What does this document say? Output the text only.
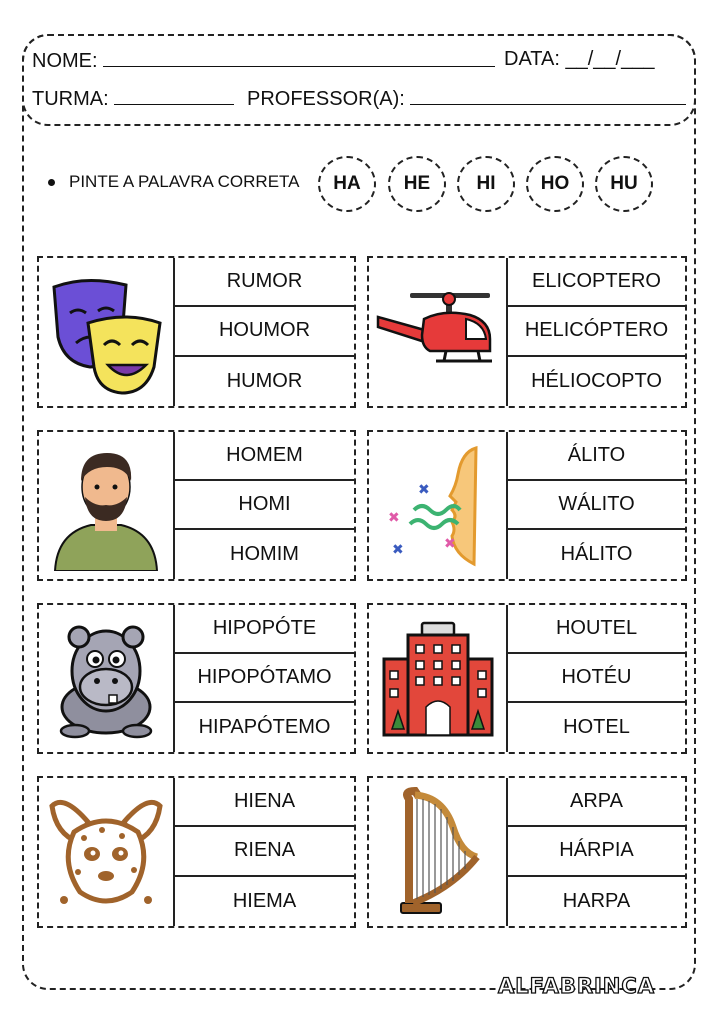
NOME:	DATA: __/__/___
TURMA:	PROFESSOR(A):
PINTE A PALAVRA CORRETA	HA	HE	HI	HO	HU
RUMOR
HOUMOR
HUMOR
ELICOPTERO
HELICÓPTERO
HÉLIOCOPTO
HOMEM
HOMI
HOMIM
✖
✖
✖
✖
ÁLITO
WÁLITO
HÁLITO
HIPOPÓTE
HIPOPÓTAMO
HIPAPÓTEMO
HOUTEL
HOTÉU
HOTEL
HIENA
RIENA
HIEMA
ARPA
HÁRPIA
HARPA
ALFABRINCA
